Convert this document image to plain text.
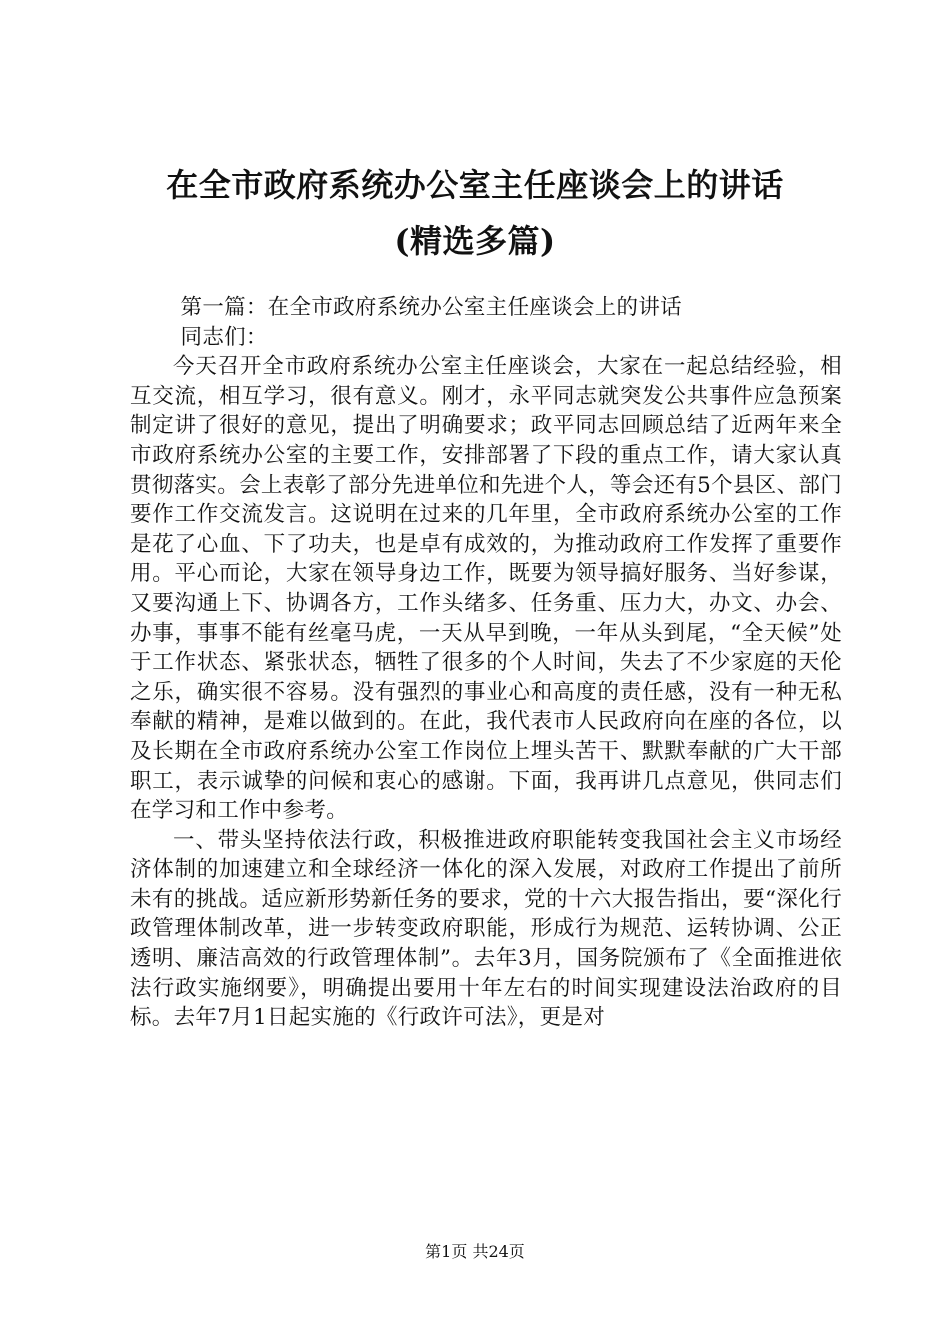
在全市政府系统办公室主任座谈会上的讲话
(精选多篇)

第一篇：在全市政府系统办公室主任座谈会上的讲话

同志们：

今天召开全市政府系统办公室主任座谈会，大家在一起总结经验，相互交流，相互学习，很有意义。刚才，永平同志就突发公共事件应急预案制定讲了很好的意见，提出了明确要求；政平同志回顾总结了近两年来全市政府系统办公室的主要工作，安排部署了下段的重点工作，请大家认真贯彻落实。会上表彰了部分先进单位和先进个人，等会还有5个县区、部门要作工作交流发言。这说明在过来的几年里，全市政府系统办公室的工作是花了心血、下了功夫，也是卓有成效的，为推动政府工作发挥了重要作用。平心而论，大家在领导身边工作，既要为领导搞好服务、当好参谋，又要沟通上下、协调各方，工作头绪多、任务重、压力大，办文、办会、办事，事事不能有丝毫马虎，一天从早到晚，一年从头到尾，“全天候”处于工作状态、紧张状态，牺牲了很多的个人时间，失去了不少家庭的天伦之乐，确实很不容易。没有强烈的事业心和高度的责任感，没有一种无私奉献的精神，是难以做到的。在此，我代表市人民政府向在座的各位，以及长期在全市政府系统办公室工作岗位上埋头苦干、默默奉献的广大干部职工，表示诚挚的问候和衷心的感谢。下面，我再讲几点意见，供同志们在学习和工作中参考。

一、带头坚持依法行政，积极推进政府职能转变我国社会主义市场经济体制的加速建立和全球经济一体化的深入发展，对政府工作提出了前所未有的挑战。适应新形势新任务的要求，党的十六大报告指出，要“深化行政管理体制改革，进一步转变政府职能，形成行为规范、运转协调、公正透明、廉洁高效的行政管理体制”。去年3月，国务院颁布了《全面推进依法行政实施纲要》，明确提出要用十年左右的时间实现建设法治政府的目标。去年7月1日起实施的《行政许可法》，更是对

第1页 共24页
